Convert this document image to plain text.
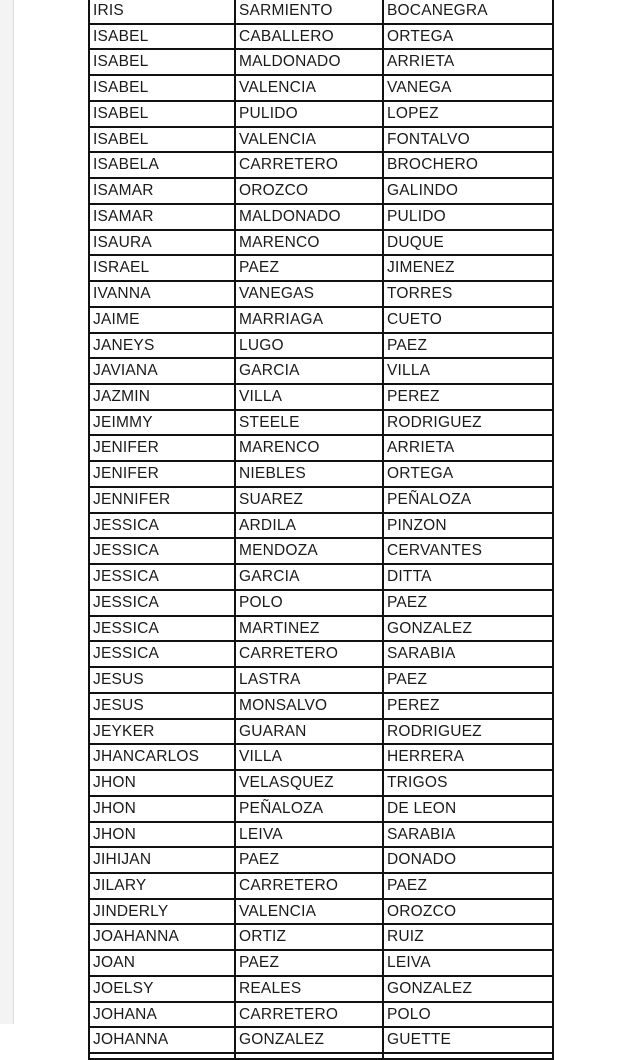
IRIS	SARMIENTO	BOCANEGRA
ISABEL	CABALLERO	ORTEGA
ISABEL	MALDONADO	ARRIETA
ISABEL	VALENCIA	VANEGA
ISABEL	PULIDO	LOPEZ
ISABEL	VALENCIA	FONTALVO
ISABELA	CARRETERO	BROCHERO
ISAMAR	OROZCO	GALINDO
ISAMAR	MALDONADO	PULIDO
ISAURA	MARENCO	DUQUE
ISRAEL	PAEZ	JIMENEZ
IVANNA	VANEGAS	TORRES
JAIME	MARRIAGA	CUETO
JANEYS	LUGO	PAEZ
JAVIANA	GARCIA	VILLA
JAZMIN	VILLA	PEREZ
JEIMMY	STEELE	RODRIGUEZ
JENIFER	MARENCO	ARRIETA
JENIFER	NIEBLES	ORTEGA
JENNIFER	SUAREZ	PEÑALOZA
JESSICA	ARDILA	PINZON
JESSICA	MENDOZA	CERVANTES
JESSICA	GARCIA	DITTA
JESSICA	POLO	PAEZ
JESSICA	MARTINEZ	GONZALEZ
JESSICA	CARRETERO	SARABIA
JESUS	LASTRA	PAEZ
JESUS	MONSALVO	PEREZ
JEYKER	GUARAN	RODRIGUEZ
JHANCARLOS	VILLA	HERRERA
JHON	VELASQUEZ	TRIGOS
JHON	PEÑALOZA	DE LEON
JHON	LEIVA	SARABIA
JIHIJAN	PAEZ	DONADO
JILARY	CARRETERO	PAEZ
JINDERLY	VALENCIA	OROZCO
JOAHANNA	ORTIZ	RUIZ
JOAN	PAEZ	LEIVA
JOELSY	REALES	GONZALEZ
JOHANA	CARRETERO	POLO
JOHANNA	GONZALEZ	GUETTE
